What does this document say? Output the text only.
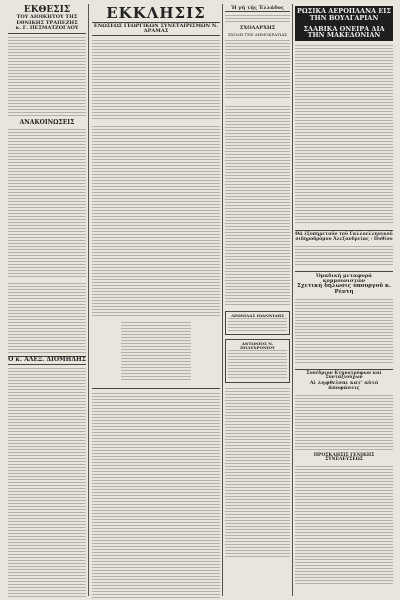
ΕΚΘΕΣΙΣ
ΤΟΥ ΔΙΟΙΚΗΤΟΥ ΤΗΣ
ΕΘΝΙΚΗΣ ΤΡΑΠΕΖΗΣ
κ. Γ. ΠΕΣΜΑΤΖΟΓΛΟΥ
ΑΝΑΚΟΙΝΩΣΕΙΣ
Ο κ. ΑΛΕΞ. ΔΙΟΜΗΔΗΣ
ΕΚΚΛΗΣΙΣ
ΕΝΩΣΕΩΣ ΓΕΩΡΓΙΚΩΝ ΣΥΝΕΤΑΙΡΙΣΜΩΝ Ν. ΔΡΑΜΑΣ
Ἡ γῆ τῆς Ἐλλάδος
ΣΧΟΛΑΡΧΗΣ
ΣΧΟΛΗ ΤΗΣ ΔΗΜΟΚΡΑΤΙΑΣ
ΛΕΩΝΙΔΑΣ ΙΩΑΝΝΙΔΗΣ
ΑΝΤΩΝΙΟΣ Ν. ΠΟΛΥΧΡΟΝΙΟΥ
ΡΩΣΙΚΑ ΑΕΡΟΠΛΑΝΑ ΕΙΣ ΤΗΝ ΒΟΥΛΓΑΡΙΑΝ
ΣΛΑΒΙΚΑ ΟΝΕΙΡΑ ΔΙΑ ΤΗΝ ΜΑΚΕΔΟΝΙΑΝ
Θά ἐξυπηρετοῦν τοῦ Γαλλοελληνικοῦ
σιδηροδρόμου Ἀλεξανδρείας - Πυθίου
Ὁμαδική μεταφορά κομμουνιστῶν
Σχετική δήλωσις ὑπουργοῦ κ. Ρέντη
Συνέδριον Κτηνοτρόφων καί Συνταξιούχων
Αἱ ληφθεῖσαι κατ' αὐτὸ ἀποφάσεις
ΠΡΟΣΚΛΗΣΙΣ ΓΕΝΙΚΗΣ ΣΥΝΕΛΕΥΣΕΩΣ
